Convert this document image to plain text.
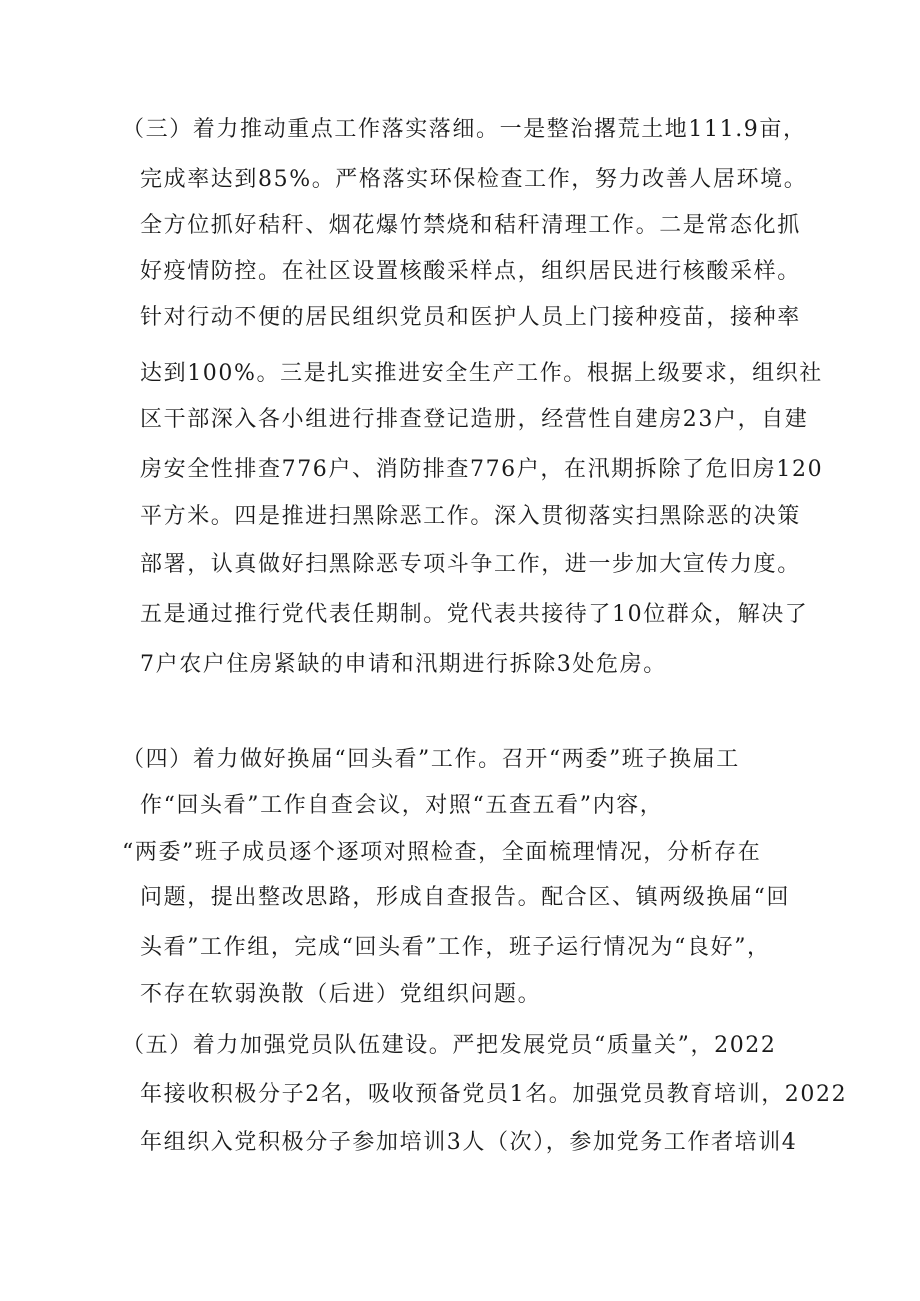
（三）着力推动重点工作落实落细。一是整治撂荒土地111.9亩，
完成率达到85%。严格落实环保检查工作，努力改善人居环境。
全方位抓好秸秆、烟花爆竹禁烧和秸秆清理工作。二是常态化抓
好疫情防控。在社区设置核酸采样点，组织居民进行核酸采样。
针对行动不便的居民组织党员和医护人员上门接种疫苗，接种率
达到100%。三是扎实推进安全生产工作。根据上级要求，组织社
区干部深入各小组进行排查登记造册，经营性自建房23户，自建
房安全性排查776户、消防排查776户，在汛期拆除了危旧房120
平方米。四是推进扫黑除恶工作。深入贯彻落实扫黑除恶的决策
部署，认真做好扫黑除恶专项斗争工作，进一步加大宣传力度。
五是通过推行党代表任期制。党代表共接待了10位群众，解决了
7户农户住房紧缺的申请和汛期进行拆除3处危房。
（四）着力做好换届“回头看”工作。召开“两委”班子换届工
作“回头看”工作自查会议，对照“五查五看”内容，
“两委”班子成员逐个逐项对照检查，全面梳理情况，分析存在
问题，提出整改思路，形成自查报告。配合区、镇两级换届“回
头看”工作组，完成“回头看”工作，班子运行情况为“良好”，
不存在软弱涣散（后进）党组织问题。
（五）着力加强党员队伍建设。严把发展党员“质量关”，2022
年接收积极分子2名，吸收预备党员1名。加强党员教育培训，2022
年组织入党积极分子参加培训3人（次），参加党务工作者培训4
